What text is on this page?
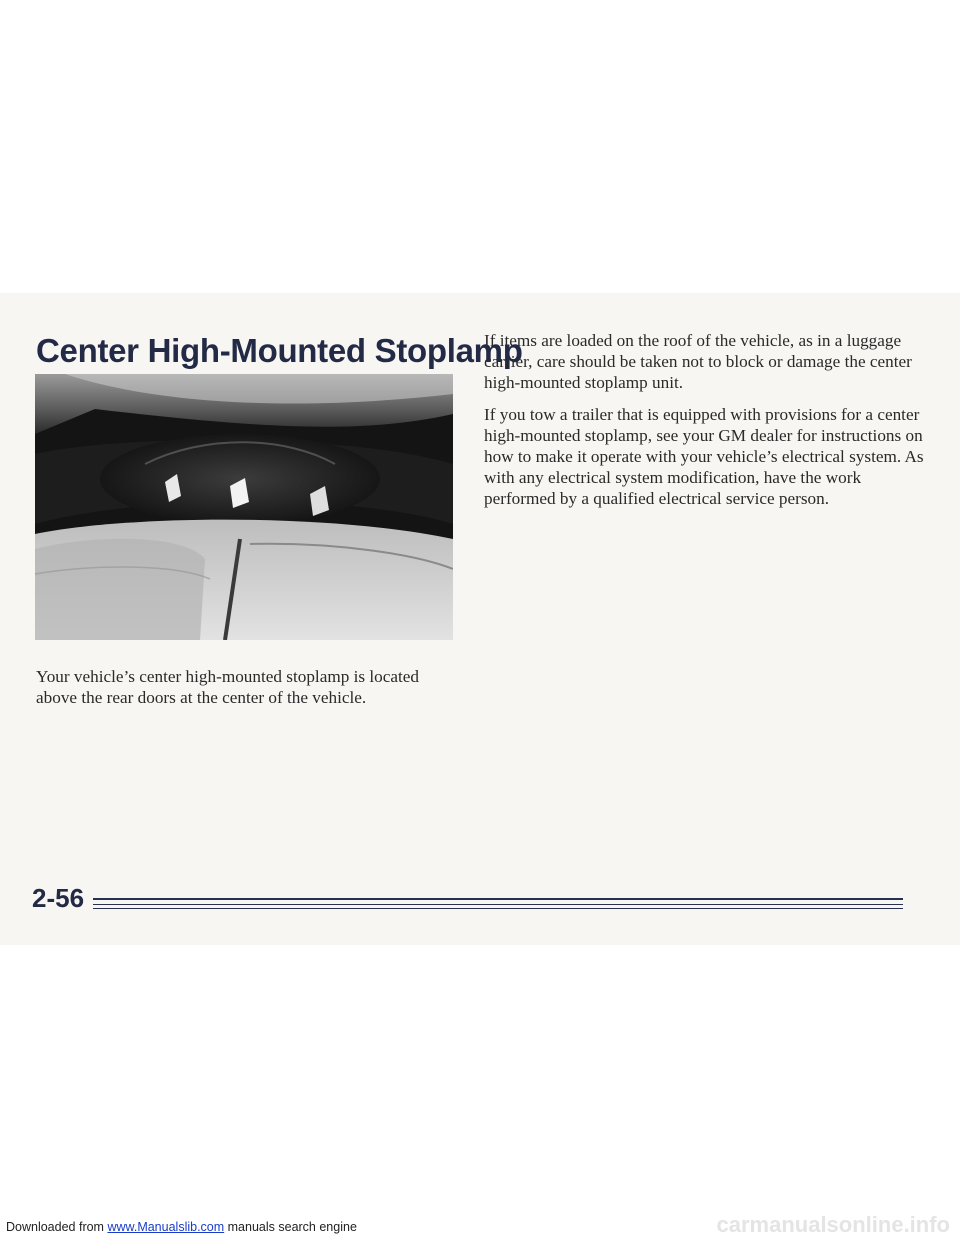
Center High-Mounted Stoplamp
Your vehicle’s center high-mounted stoplamp is located above the rear doors at the center of the vehicle.

If items are loaded on the roof of the vehicle, as in a luggage carrier, care should be taken not to block or damage the center high-mounted stoplamp unit.

If you tow a trailer that is equipped with provisions for a center high-mounted stoplamp, see your GM dealer for instructions on how to make it operate with your vehicle’s electrical system. As with any electrical system modification, have the work performed by a qualified electrical service person.

2-56
Downloaded from www.Manualslib.com manuals search engine	carmanualsonline.info
